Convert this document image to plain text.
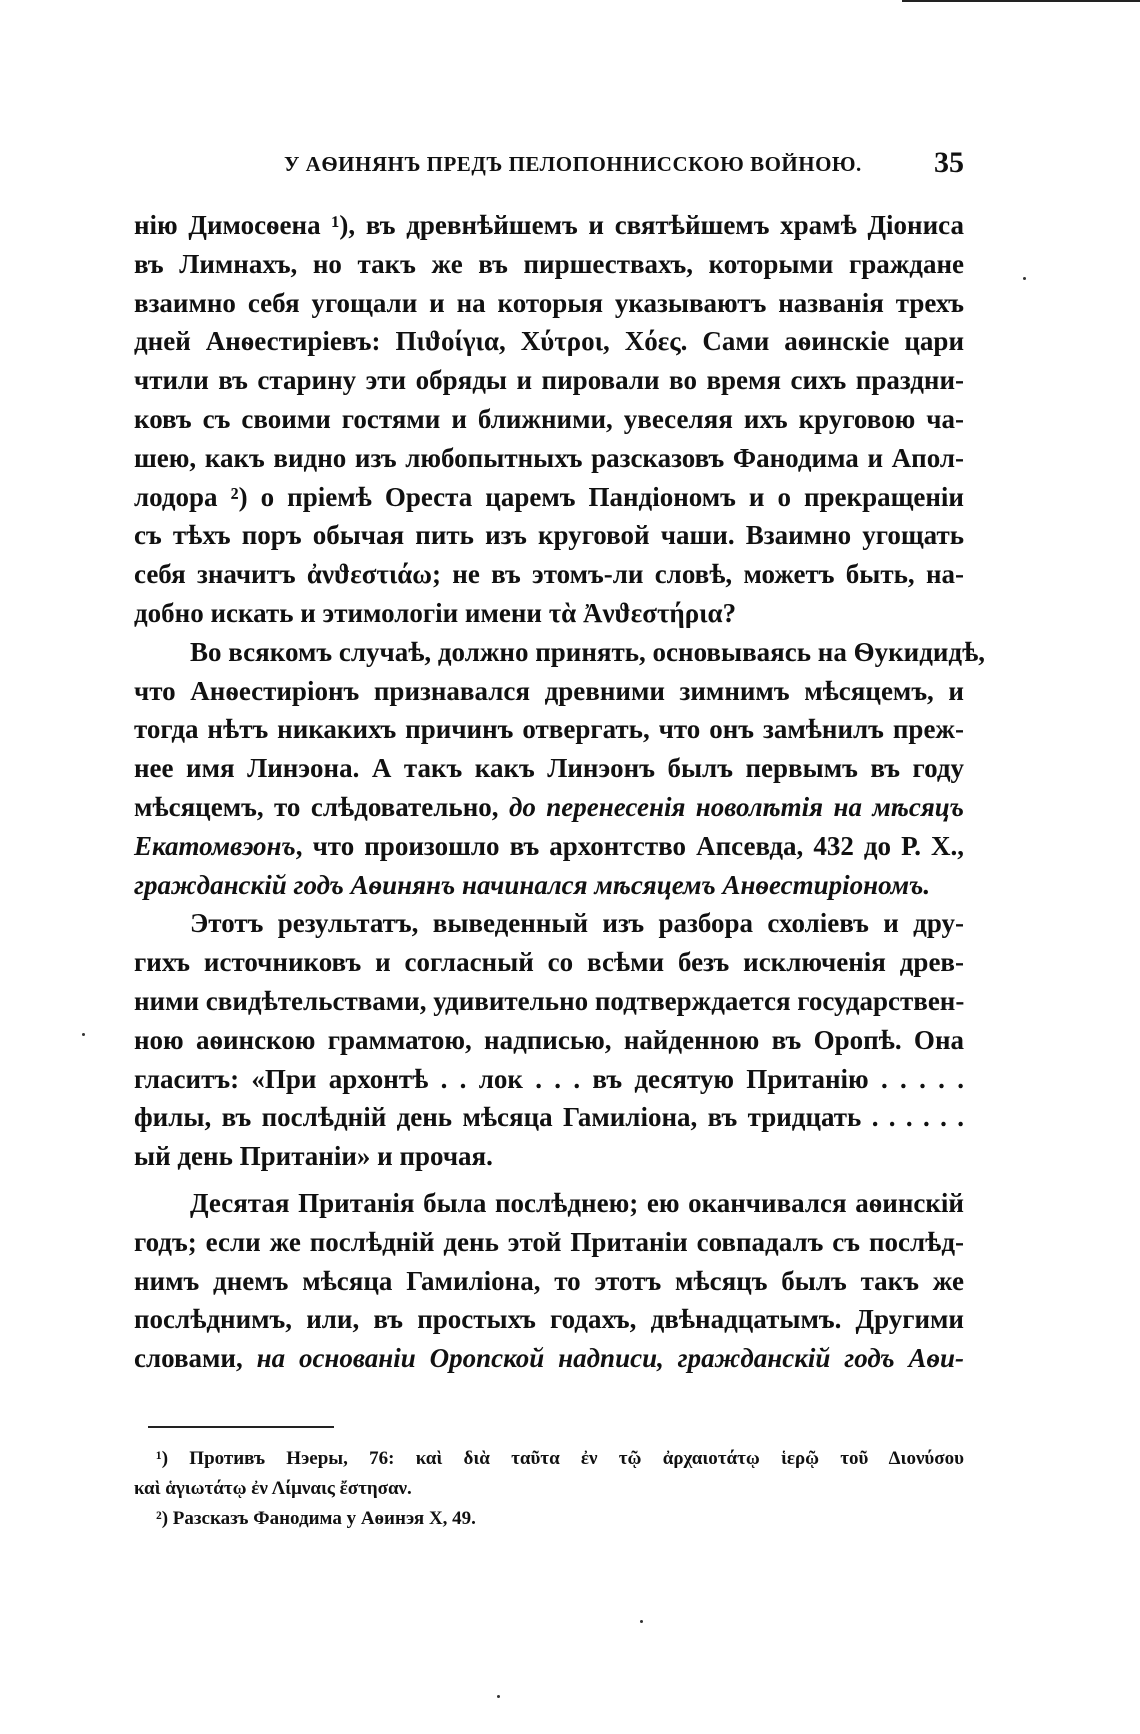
У АѲИНЯНЪ ПРЕДЪ ПЕЛОПОННИССКОЮ ВОЙНОЮ. 35
нію Димосѳена ¹), въ древнѣйшемъ и святѣйшемъ храмѣ Діониса
въ Лимнахъ, но такъ же въ пиршествахъ, которыми граждане
взаимно себя угощали и на которыя указываютъ названія трехъ
дней Анѳестиріевъ: Πιϑοίγια, Χύτροι, Χόες. Сами аѳинскіе цари
чтили въ старину эти обряды и пировали во время сихъ праздни-
ковъ съ своими гостями и ближними, увеселяя ихъ круговою ча-
шею, какъ видно изъ любопытныхъ разсказовъ Фанодима и Апол-
лодора ²) о пріемѣ Ореста царемъ Пандіономъ и о прекращеніи
съ тѣхъ поръ обычая пить изъ круговой чаши. Взаимно угощать
себя значитъ ἀνϑεστιάω; не въ этомъ-ли словѣ, можетъ быть, на-
добно искать и этимологіи имени τὰ Ἀνϑεστήρια?
Во всякомъ случаѣ, должно принять, основываясь на Ѳукидидѣ,
что Анѳестиріонъ признавался древними зимнимъ мѣсяцемъ, и
тогда нѣтъ никакихъ причинъ отвергать, что онъ замѣнилъ преж-
нее имя Линэона. А такъ какъ Линэонъ былъ первымъ въ году
мѣсяцемъ, то слѣдовательно, до перенесенія новолѣтія на мѣсяцъ
Екатомвэонъ, что произошло въ архонтство Апсевда, 432 до Р. Х.,
гражданскій годъ Аѳинянъ начинался мѣсяцемъ Анѳестиріономъ.
Этотъ результатъ, выведенный изъ разбора схоліевъ и дру-
гихъ источниковъ и согласный со всѣми безъ исключенія древ-
ними свидѣтельствами, удивительно подтверждается государствен-
ною аѳинскою грамматою, надписью, найденною въ Оропѣ. Она
гласитъ: «При архонтѣ . . лок . . . въ десятую Пританію . . . . .
филы, въ послѣдній день мѣсяца Гамиліона, въ тридцать . . . . . .
ый день Пританіи» и прочая.
Десятая Пританія была послѣднею; ею оканчивался аѳинскій
годъ; если же послѣдній день этой Пританіи совпадалъ съ послѣд-
нимъ днемъ мѣсяца Гамиліона, то этотъ мѣсяцъ былъ такъ же
послѣднимъ, или, въ простыхъ годахъ, двѣнадцатымъ. Другими
словами, на основаніи Оропской надписи, гражданскій годъ Аѳи-
¹) Противъ Нэеры, 76: καὶ διὰ ταῦτα ἐν τῷ ἀρχαιοτάτῳ ἱερῷ τοῦ Διονύσου
καὶ ἁγιωτάτῳ ἐν Λίμναις ἔστησαν.
²) Разсказъ Фанодима у Аѳинэя X, 49.
